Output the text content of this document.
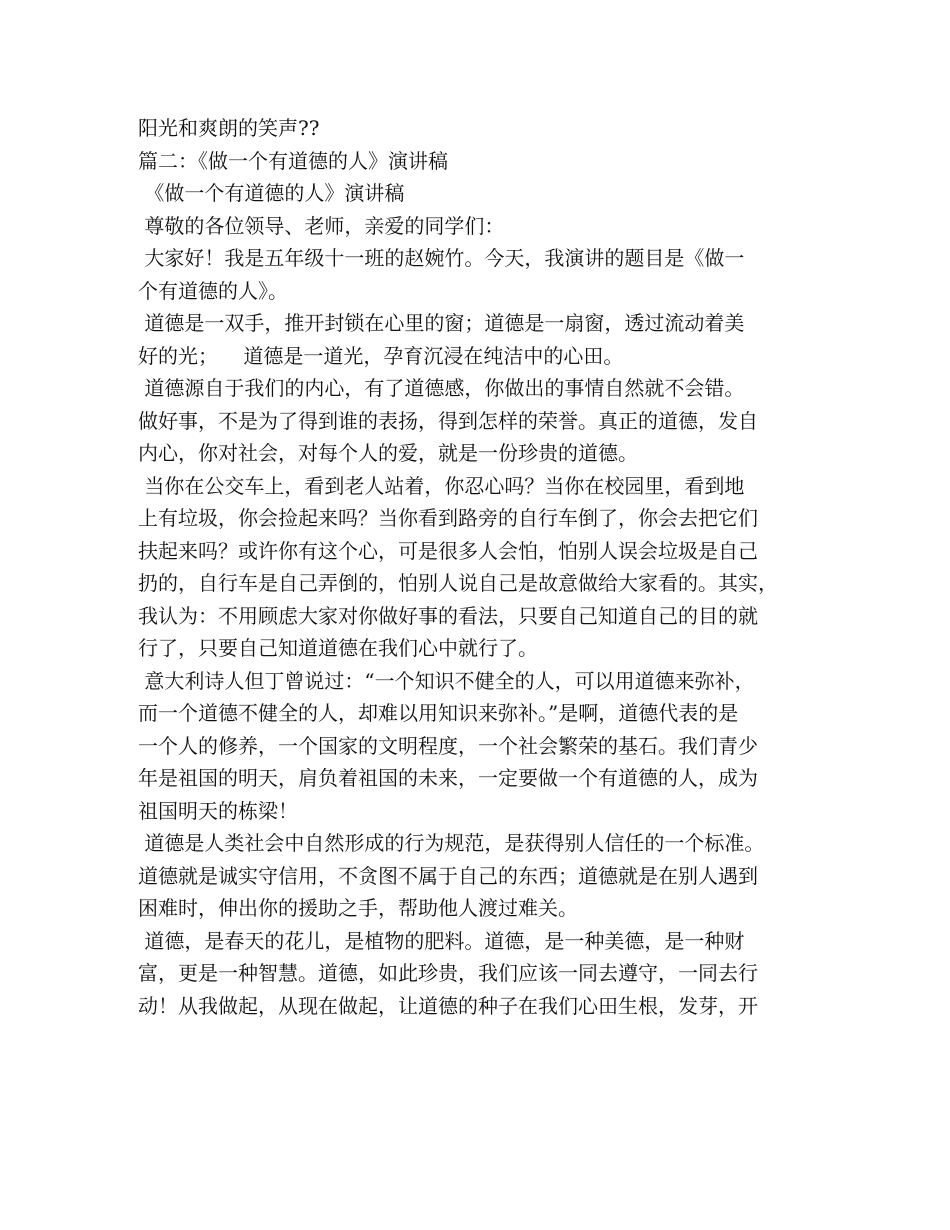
阳光和爽朗的笑声??
篇二：《做一个有道德的人》演讲稿
《做一个有道德的人》演讲稿
尊敬的各位领导、老师，亲爱的同学们：
大家好！我是五年级十一班的赵婉竹。今天，我演讲的题目是《做一
个有道德的人》。
道德是一双手，推开封锁在心里的窗；道德是一扇窗，透过流动着美
好的光；    道德是一道光，孕育沉浸在纯洁中的心田。
道德源自于我们的内心，有了道德感，你做出的事情自然就不会错。
做好事，不是为了得到谁的表扬，得到怎样的荣誉。真正的道德，发自
内心，你对社会，对每个人的爱，就是一份珍贵的道德。
当你在公交车上，看到老人站着，你忍心吗？当你在校园里，看到地
上有垃圾，你会捡起来吗？当你看到路旁的自行车倒了，你会去把它们
扶起来吗？或许你有这个心，可是很多人会怕，怕别人误会垃圾是自己
扔的，自行车是自己弄倒的，怕别人说自己是故意做给大家看的。其实，
我认为：不用顾虑大家对你做好事的看法，只要自己知道自己的目的就
行了，只要自己知道道德在我们心中就行了。
意大利诗人但丁曾说过：“一个知识不健全的人，可以用道德来弥补，
而一个道德不健全的人，却难以用知识来弥补。”是啊，道德代表的是
一个人的修养，一个国家的文明程度，一个社会繁荣的基石。我们青少
年是祖国的明天，肩负着祖国的未来，一定要做一个有道德的人，成为
祖国明天的栋梁！
道德是人类社会中自然形成的行为规范，是获得别人信任的一个标准。
道德就是诚实守信用，不贪图不属于自己的东西；道德就是在别人遇到
困难时，伸出你的援助之手，帮助他人渡过难关。
道德，是春天的花儿，是植物的肥料。道德，是一种美德，是一种财
富，更是一种智慧。道德，如此珍贵，我们应该一同去遵守，一同去行
动！从我做起，从现在做起，让道德的种子在我们心田生根，发芽，开
